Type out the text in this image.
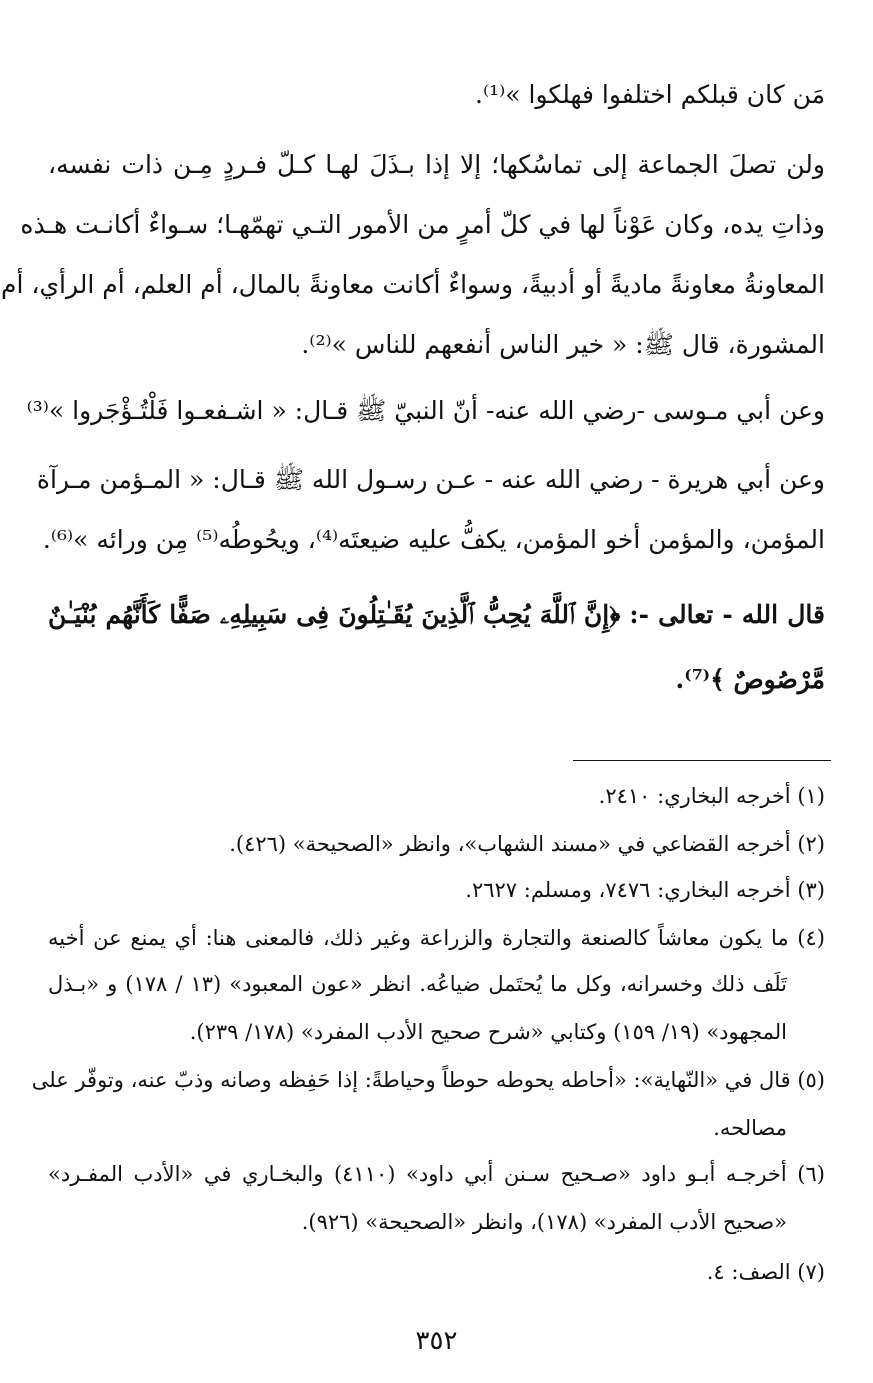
مَن كان قبلكم اختلفوا فهلكوا »⁽¹⁾.
ولن تصلَ الجماعة إلى تماسُكها؛ إلا إذا بـذَلَ لهـا كـلّ فـردٍ مِـن ذات نفسه،
وذاتِ يده، وكان عَوْناً لها في كلّ أمرٍ من الأمور التـي تهمّهـا؛ سـواءٌ أكانـت هـذه
المعاونةُ معاونةً ماديةً أو أدبيةً، وسواءٌ أكانت معاونةً بالمال، أم العلم، أم الرأي، أم
المشورة، قال ﷺ: « خير الناس أنفعهم للناس »⁽²⁾.
وعن أبي مـوسى -رضي الله عنه- أنّ النبيّ ﷺ قـال: « اشـفعـوا فَلْتُـؤْجَروا »⁽³⁾
وعن أبي هريرة - رضي الله عنه - عـن رسـول الله ﷺ قـال: « المـؤمن مـرآة
المؤمن، والمؤمن أخو المؤمن، يكفُّ عليه ضيعتَه⁽⁴⁾، ويحُوطُه⁽⁵⁾ مِن ورائه »⁽⁶⁾.
قال الله - تعالى -: ﴿إِنَّ ٱللَّهَ يُحِبُّ ٱلَّذِينَ يُقَـٰتِلُونَ فِى سَبِيلِهِۦ صَفًّا كَأَنَّهُم بُنْيَـٰنٌ
مَّرْصُوصٌ ﴾⁽⁷⁾.
(١) أخرجه البخاري: ٢٤١٠.
(٢) أخرجه القضاعي في «مسند الشهاب»، وانظر «الصحيحة» (٤٢٦).
(٣) أخرجه البخاري: ٧٤٧٦، ومسلم: ٢٦٢٧.
(٤) ما يكون معاشاً كالصنعة والتجارة والزراعة وغير ذلك، فالمعنى هنا: أي يمنع عن أخيه
تَلَف ذلك وخسرانه، وكل ما يُحتَمل ضياعُه. انظر «عون المعبود» (١٣ / ١٧٨) و «بـذل
المجهود» (١٩/ ١٥٩) وكتابي «شرح صحيح الأدب المفرد» (١٧٨/ ٢٣٩).
(٥) قال في «النّهاية»: «أحاطه يحوطه حوطاً وحياطةً: إذا حَفِظه وصانه وذبّ عنه، وتوفّر على
مصالحه.
(٦) أخرجـه أبـو داود «صـحيح سـنن أبي داود» (٤١١٠) والبخـاري في «الأدب المفـرد»
«صحيح الأدب المفرد» (١٧٨)، وانظر «الصحيحة» (٩٢٦).
(٧) الصف: ٤.
٣٥٢
